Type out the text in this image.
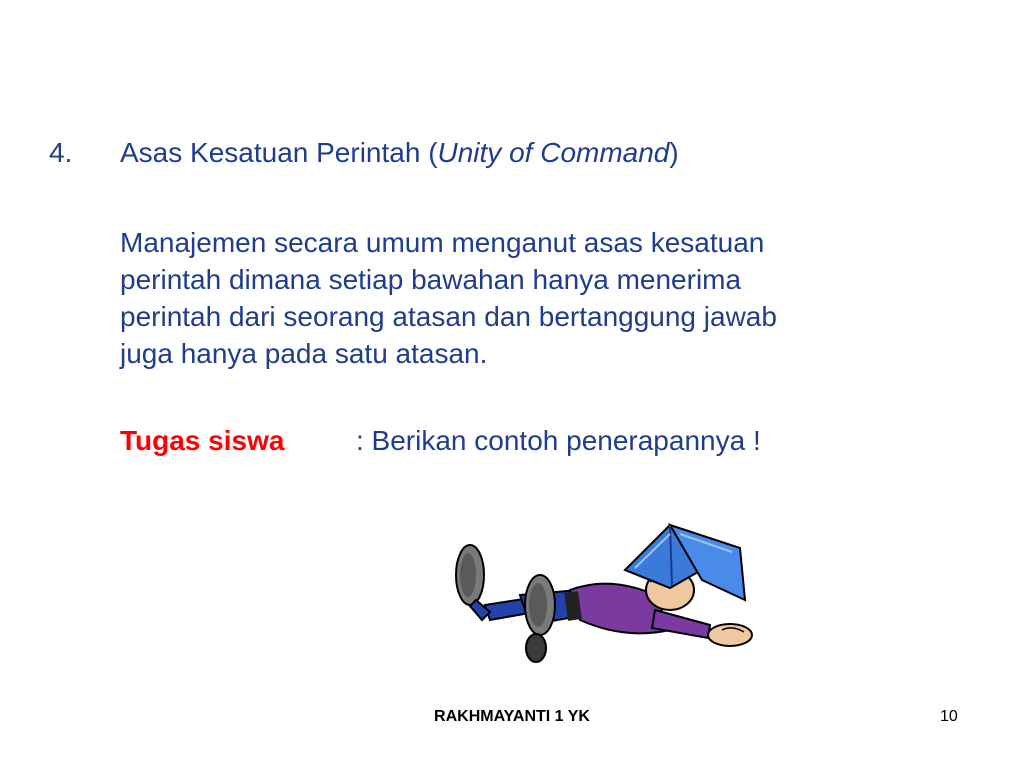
4. Asas Kesatuan Perintah (Unity of Command)
Manajemen secara umum menganut asas kesatuan
perintah dimana setiap bawahan hanya menerima
perintah dari seorang atasan dan bertanggung jawab
juga hanya pada satu atasan.
Tugas siswa	: Berikan contoh penerapannya !
RAKHMAYANTI 1 YK	10
